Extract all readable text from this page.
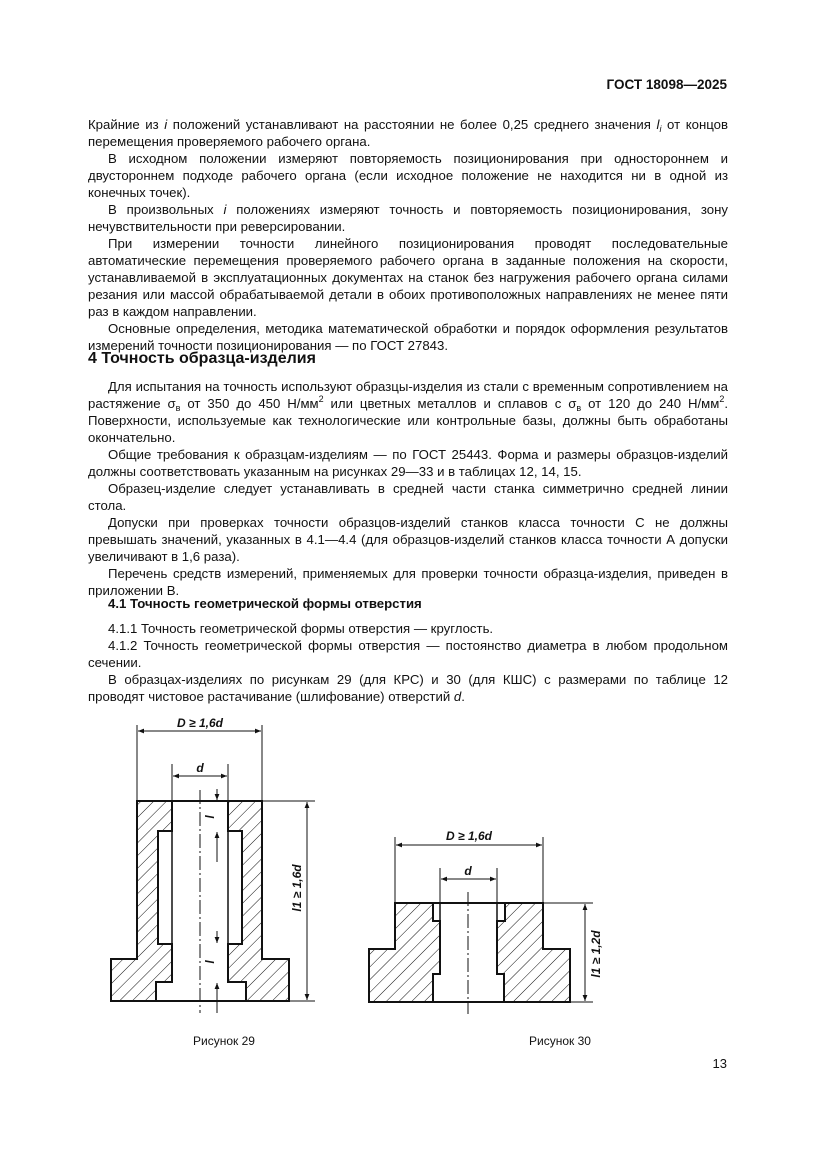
ГОСТ 18098—2025

Крайние из i положений устанавливают на расстоянии не более 0,25 среднего значения $l_i$ от концов перемещения проверяемого рабочего органа.

В исходном положении измеряют повторяемость позиционирования при одностороннем и двустороннем подходе рабочего органа (если исходное положение не находится ни в одной из конечных точек).

В произвольных i положениях измеряют точность и повторяемость позиционирования, зону нечувствительности при реверсировании.

При измерении точности линейного позиционирования проводят последовательные автоматические перемещения проверяемого рабочего органа в заданные положения на скорости, устанавливаемой в эксплуатационных документах на станок без нагружения рабочего органа силами резания или массой обрабатываемой детали в обоих противоположных направлениях не менее пяти раз в каждом направлении.

Основные определения, методика математической обработки и порядок оформления результатов измерений точности позиционирования — по ГОСТ 27843.

4 Точность образца-изделия

Для испытания на точность используют образцы-изделия из стали с временным сопротивлением на растяжение $\sigma_в$ от 350 до 450 $Н/мм^2$ или цветных металлов и сплавов с $\sigma_в$ от 120 до 240 $Н/мм^2$. Поверхности, используемые как технологические или контрольные базы, должны быть обработаны окончательно.

Общие требования к образцам-изделиям — по ГОСТ 25443. Форма и размеры образцов-изделий должны соответствовать указанным на рисунках 29—33 и в таблицах 12, 14, 15.

Образец-изделие следует устанавливать в средней части станка симметрично средней линии стола.

Допуски при проверках точности образцов-изделий станков класса точности С не должны превышать значений, указанных в 4.1—4.4 (для образцов-изделий станков класса точности А допуски увеличивают в 1,6 раза).

Перечень средств измерений, применяемых для проверки точности образца-изделия, приведен в приложении В.

4.1 Точность геометрической формы отверстия

4.1.1 Точность геометрической формы отверстия — круглость.

4.1.2 Точность геометрической формы отверстия — постоянство диаметра в любом продольном сечении.

В образцах-изделиях по рисункам 29 (для КРС) и 30 (для КШС) с размерами по таблице 12 проводят чистовое растачивание (шлифование) отверстий d.

D ≥ 1,6d
d
l
l
l1 ≥ 1,6d
D ≥ 1,6d
d
l1 ≥ 1,2d
Рисунок 29	Рисунок 30
13
